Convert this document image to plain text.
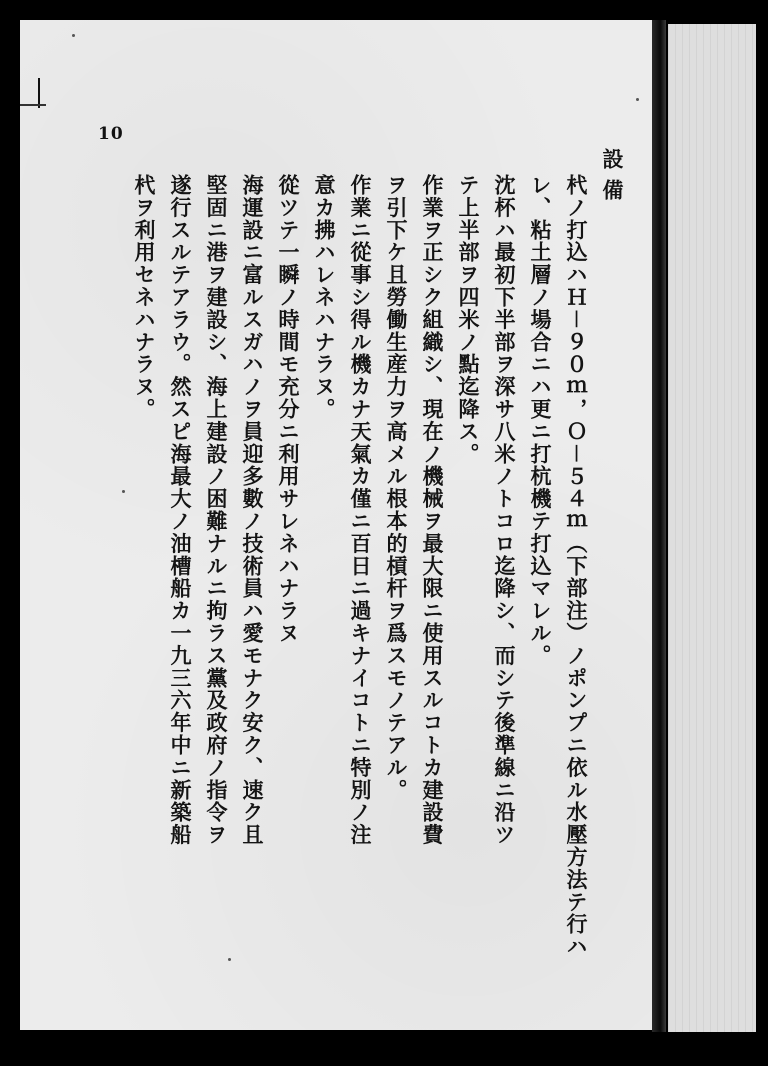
10
設 備
杙ノ打込ハＨ－９０ｍ，Ｏ－５４ｍ（下部注）ノポンプニ依ル水壓方法テ行ハ
レ、粘土層ノ場合ニハ更ニ打杭機テ打込マレル。
沈杯ハ最初下半部ヲ深サ八米ノトコロ迄降シ、而シテ後準線ニ沿ツ
テ上半部ヲ四米ノ點迄降ス。
作業ヲ正シク組織シ、現在ノ機械ヲ最大限ニ使用スルコトカ建設費
ヲ引下ケ且勞働生産力ヲ高メル根本的槓杆ヲ爲スモノテアル。
作業ニ從事シ得ル機カナ天氣カ僅ニ百日ニ過キナイコトニ特別ノ注
意カ拂ハレネハナラヌ。
從ツテ一瞬ノ時間モ充分ニ利用サレネハナラヌ
海運設ニ富ルスガハノヲ員迎多數ノ技術員ハ愛モナク安ク、速ク且
堅固ニ港ヲ建設シ、海上建設ノ困難ナルニ拘ラス黨及政府ノ指令ヲ
遂行スルテアラウ。然スピ海最大ノ油槽船カ一九三六年中ニ新築船
杙ヲ利用セネハナラヌ。
